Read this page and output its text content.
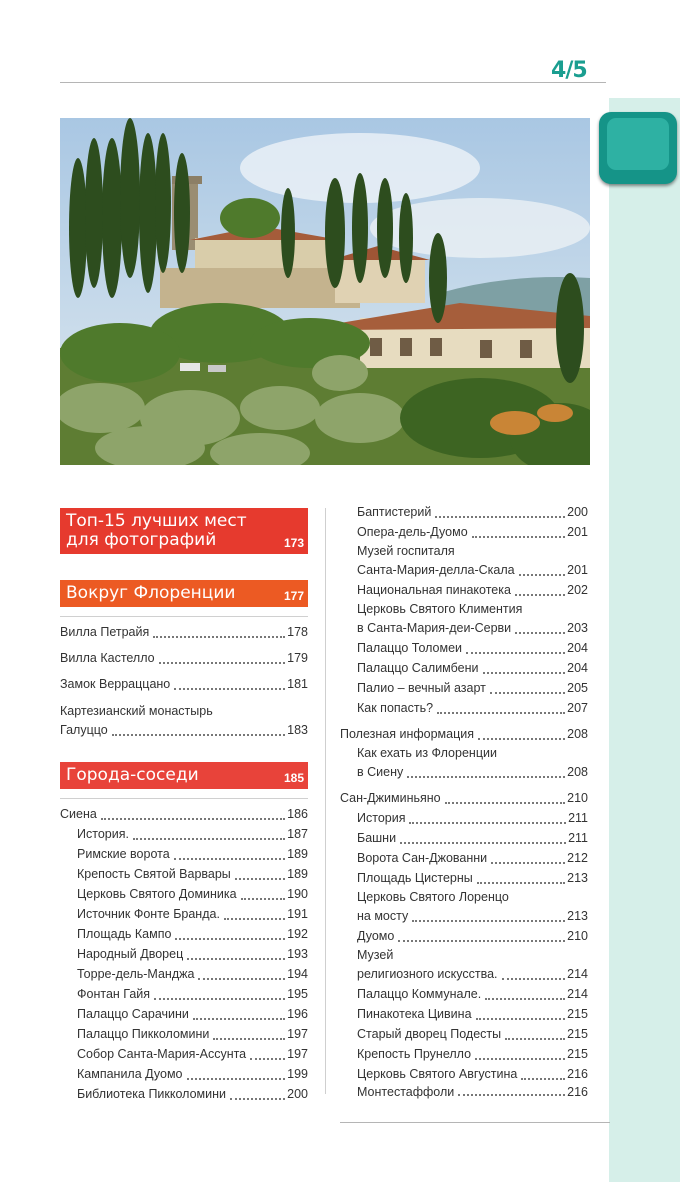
4/5
Топ-15 лучших мест
для фотографий	173
Вокруг Флоренции	177
Вилла Петрайя	178
Вилла Кастелло	179
Замок Верраццано	181
Картезианский монастырь
Галуццо	183
Города-соседи	185
Сиена	186
История.	187
Римские ворота	189
Крепость Святой Варвары	189
Церковь Святого Доминика	190
Источник Фонте Бранда.	191
Площадь Кампо	192
Народный Дворец	193
Торре-дель-Манджа	194
Фонтан Гайя	195
Палаццо Сарачини	196
Палаццо Пикколомини	197
Собор Санта-Мария-Ассунта	197
Кампанила Дуомо	199
Библиотека Пикколомини	200
Баптистерий	200
Опера-дель-Дуомо	201
Музей госпиталя
Санта-Мария-делла-Скала	201
Национальная пинакотека	202
Церковь Святого Климентия
в Санта-Мария-деи-Серви	203
Палаццо Толомеи	204
Палаццо Салимбени	204
Палио – вечный азарт	205
Как попасть?	207
Полезная информация	208
Как ехать из Флоренции
в Сиену	208
Сан-Джиминьяно	210
История	211
Башни	211
Ворота Сан-Джованни	212
Площадь Цистерны	213
Церковь Святого Лоренцо
на мосту	213
Дуомо	210
Музей
религиозного искусства.	214
Палаццо Коммунале.	214
Пинакотека Цивина	215
Старый дворец Подесты	215
Крепость Прунелло	215
Церковь Святого Августина	216
Монтестаффоли	216
